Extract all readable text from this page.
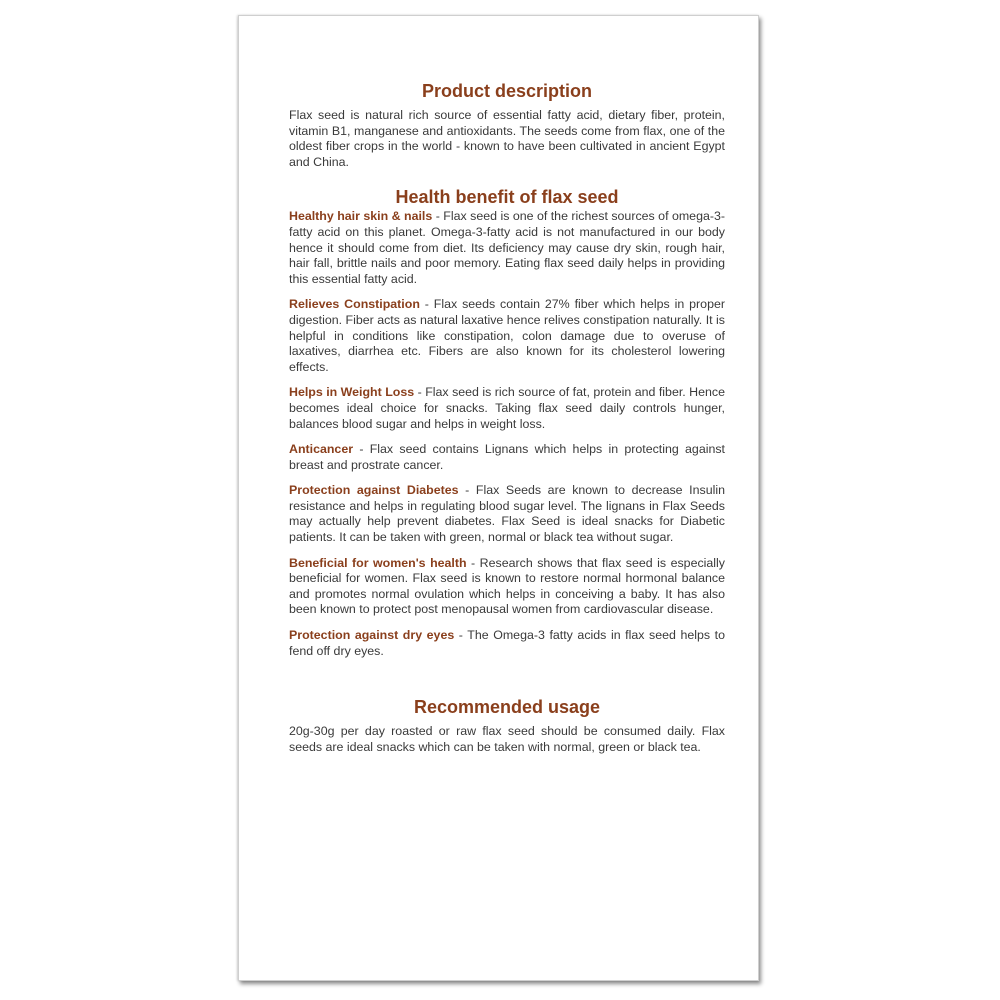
Product description

Flax seed is natural rich source of essential fatty acid, dietary fiber, protein, vitamin B1, manganese and antioxidants. The seeds come from flax, one of the oldest fiber crops in the world - known to have been cultivated in ancient Egypt and China.

Health benefit of flax seed

Healthy hair skin & nails - Flax seed is one of the richest sources of omega-3-fatty acid on this planet. Omega-3-fatty acid is not manufactured in our body hence it should come from diet. Its deficiency may cause dry skin, rough hair, hair fall, brittle nails and poor memory. Eating flax seed daily helps in providing this essential fatty acid.

Relieves Constipation - Flax seeds contain 27% fiber which helps in proper digestion. Fiber acts as natural laxative hence relives constipation naturally. It is helpful in conditions like constipation, colon damage due to overuse of laxatives, diarrhea etc. Fibers are also known for its cholesterol lowering effects.

Helps in Weight Loss - Flax seed is rich source of fat, protein and fiber. Hence becomes ideal choice for snacks. Taking flax seed daily controls hunger, balances blood sugar and helps in weight loss.

Anticancer - Flax seed contains Lignans which helps in protecting against breast and prostrate cancer.

Protection against Diabetes - Flax Seeds are known to decrease Insulin resistance and helps in regulating blood sugar level. The lignans in Flax Seeds may actually help prevent diabetes. Flax Seed is ideal snacks for Diabetic patients. It can be taken with green, normal or black tea without sugar.

Beneficial for women's health - Research shows that flax seed is especially beneficial for women. Flax seed is known to restore normal hormonal balance and promotes normal ovulation which helps in conceiving a baby. It has also been known to protect post menopausal women from cardiovascular disease.

Protection against dry eyes - The Omega-3 fatty acids in flax seed helps to fend off dry eyes.

Recommended usage

20g-30g per day roasted or raw flax seed should be consumed daily. Flax seeds are ideal snacks which can be taken with normal, green or black tea.
